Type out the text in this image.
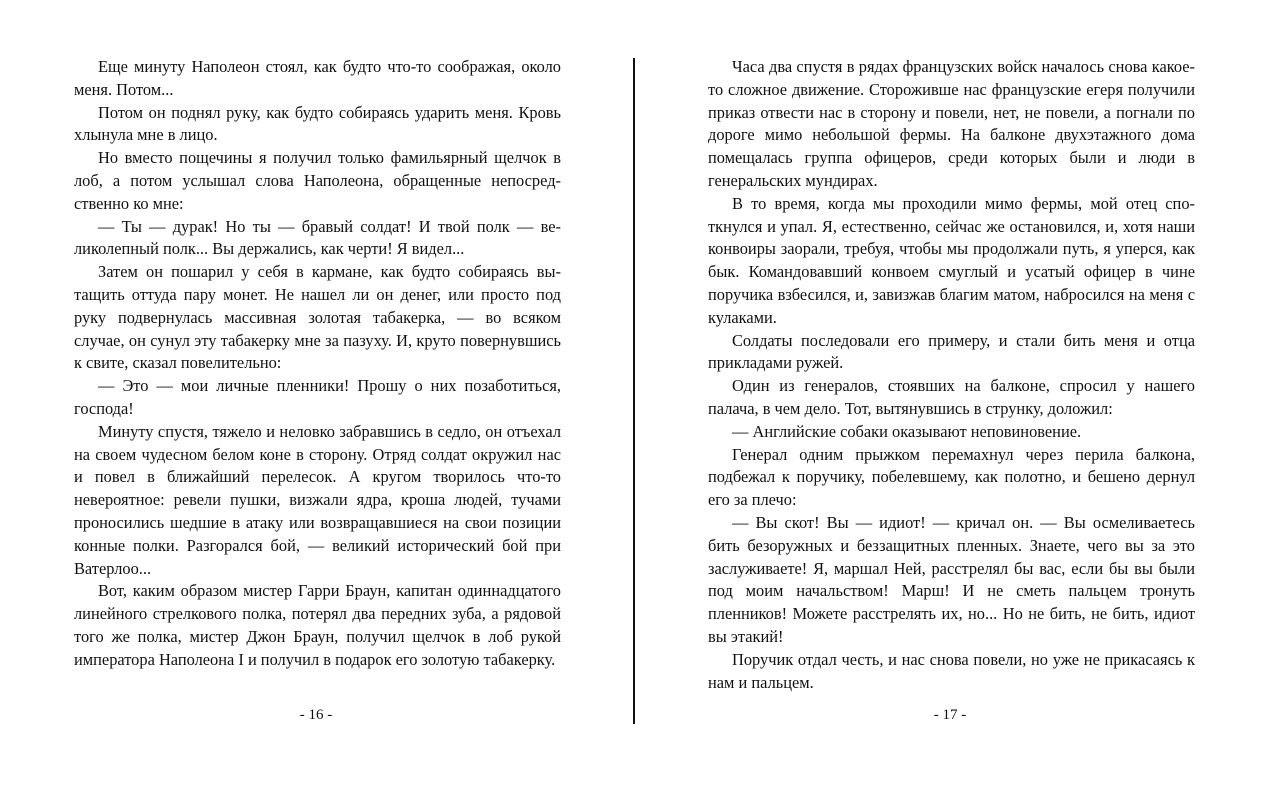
Еще минуту Наполеон стоял, как будто что-то соображая, около меня. Потом...

Потом он поднял руку, как будто собираясь ударить меня. Кровь хлынула мне в лицо.

Но вместо пощечины я получил только фамильярный щелчок в лоб, а потом услышал слова Наполеона, обращенные непосредственно ко мне:

— Ты — дурак! Но ты — бравый солдат! И твой полк — великолепный полк... Вы держались, как черти! Я видел...

Затем он пошарил у себя в кармане, как будто собираясь вытащить оттуда пару монет. Не нашел ли он денег, или просто под руку подвернулась массивная золотая табакерка, — во всяком случае, он сунул эту табакерку мне за пазуху. И, круто повернувшись к свите, сказал повелительно:

— Это — мои личные пленники! Прошу о них позаботиться, господа!

Минуту спустя, тяжело и неловко забравшись в седло, он отъехал на своем чудесном белом коне в сторону. Отряд солдат окружил нас и повел в ближайший перелесок. А кругом творилось что-то невероятное: ревели пушки, визжали ядра, кроша людей, тучами проносились шедшие в атаку или возвращавшиеся на свои позиции конные полки. Разгорался бой, — великий исторический бой при Ватерлоо...

Вот, каким образом мистер Гарри Браун, капитан одиннадцатого линейного стрелкового полка, потерял два передних зуба, а рядовой того же полка, мистер Джон Браун, получил щелчок в лоб рукой императора Наполеона I и получил в подарок его золотую табакерку.

Часа два спустя в рядах французских войск началось снова какое-то сложное движение. Стороживше нас французские егеря получили приказ отвести нас в сторону и повели, нет, не повели, а погнали по дороге мимо небольшой фермы. На балконе двухэтажного дома помещалась группа офицеров, среди которых были и люди в генеральских мундирах.

В то время, когда мы проходили мимо фермы, мой отец споткнулся и упал. Я, естественно, сейчас же остановился, и, хотя наши конвоиры заорали, требуя, чтобы мы продолжали путь, я уперся, как бык. Командовавший конвоем смуглый и усатый офицер в чине поручика взбесился, и, завизжав благим матом, набросился на меня с кулаками.

Солдаты последовали его примеру, и стали бить меня и отца прикладами ружей.

Один из генералов, стоявших на балконе, спросил у нашего палача, в чем дело. Тот, вытянувшись в струнку, доложил:

— Английские собаки оказывают неповиновение.

Генерал одним прыжком перемахнул через перила балкона, подбежал к поручику, побелевшему, как полотно, и бешено дернул его за плечо:

— Вы скот! Вы — идиот! — кричал он. — Вы осмеливаетесь бить безоружных и беззащитных пленных. Знаете, чего вы за это заслуживаете! Я, маршал Ней, расстрелял бы вас, если бы вы были под моим начальством! Марш! И не сметь пальцем тронуть пленников! Можете расстрелять их, но... Но не бить, не бить, идиот вы этакий!

Поручик отдал честь, и нас снова повели, но уже не прикасаясь к нам и пальцем.

- 16 -	- 17 -
